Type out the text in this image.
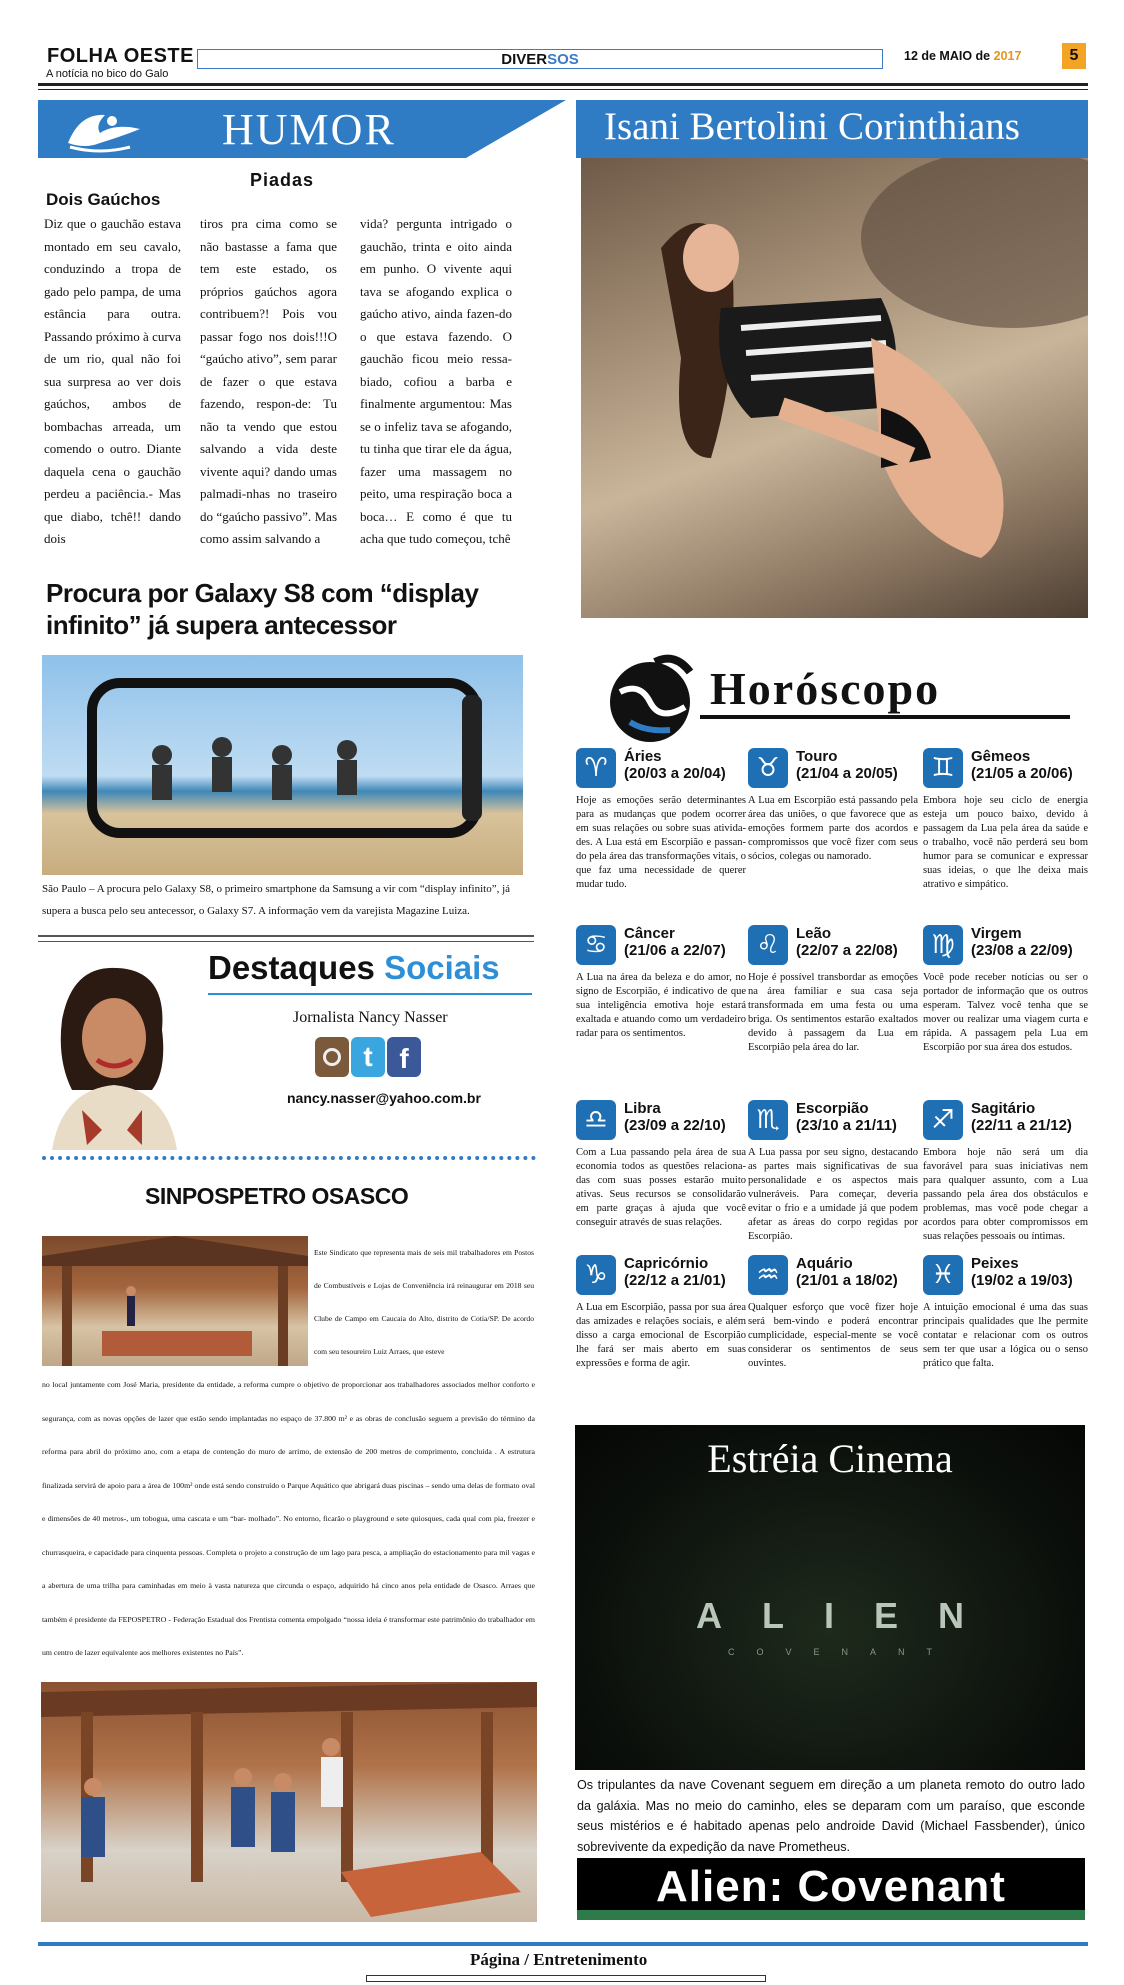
FOLHA OESTE
A notícia no bico do Galo
DIVER SOS	12 de MAIO de 2017	5
HUMOR	Isani Bertolini Corinthians
Piadas
Dois Gaúchos
Diz que o gauchão estava montado em seu cavalo, conduzindo a tropa de gado pelo pampa, de uma estância para outra. Passando próximo à curva de um rio, qual não foi sua surpresa ao ver dois gaúchos, ambos de bombachas arreada, um comendo o outro. Diante daquela cena o gauchão perdeu a paciência.- Mas que diabo, tchê!! dando dois
tiros pra cima como se não bastasse a fama que tem este estado, os próprios gaúchos agora contribuem?! Pois vou passar fogo nos dois!!!O “gaúcho ativo”, sem parar de fazer o que estava fazendo, respon-de: Tu não ta vendo que estou salvando a vida deste vivente aqui? dando umas palmadi-nhas no traseiro do “gaúcho passivo”. Mas como assim salvando a
vida? pergunta intrigado o gauchão, trinta e oito ainda em punho. O vivente aqui tava se afogando explica o gaúcho ativo, ainda fazen-do o que estava fazendo. O gauchão ficou meio ressa-biado, cofiou a barba e finalmente argumentou: Mas se o infeliz tava se afogando, tu tinha que tirar ele da água, fazer uma massagem no peito, uma respiração boca a boca… E como é que tu acha que tudo começou, tchê
Procura por Galaxy S8 com “display infinito” já supera antecessor
São Paulo – A procura pelo Galaxy S8, o primeiro smartphone da Samsung a vir com “display infinito”, já supera a busca pelo seu antecessor, o Galaxy S7. A informação vem da varejista Magazine Luiza.
Destaques Sociais
Jornalista Nancy Nasser
t f
nancy.nasser@yahoo.com.br
SINPOSPETRO OSASCO
Este Sindicato que representa mais de seis mil trabalhadores em Postos de Combustíveis e Lojas de Conveniência irá reinaugurar em 2018 seu Clube de Campo em Caucaia do Alto, distrito de Cotia/SP. De acordo com seu tesoureiro Luiz Arraes, que esteve
no local juntamente com José Maria, presidente da entidade, a reforma cumpre o objetivo de proporcionar aos trabalhadores associados melhor conforto e segurança, com as novas opções de lazer que estão sendo implantadas no espaço de 37.800 m² e as obras de conclusão seguem a previsão do término da reforma para abril do próximo ano, com a etapa de contenção do muro de arrimo, de extensão de 200 metros de comprimento, concluída . A estrutura finalizada servirá de apoio para a área de 100m² onde está sendo construído o Parque Aquático que abrigará duas piscinas – sendo uma delas de formato oval e dimensões de 40 metros-, um tobogua, uma cascata e um “bar- molhado”. No entorno, ficarão o playground e sete quiosques, cada qual com pia, freezer e churrasqueira, e capacidade para cinquenta pessoas. Completa o projeto a construção de um lago para pesca, a ampliação do estacionamento para mil vagas e a abertura de uma trilha para caminhadas em meio à vasta natureza que circunda o espaço, adquirido há cinco anos pela entidade de Osasco. Arraes que também é presidente da FEPOSPETRO - Federação Estadual dos Frentista comenta empolgado “nossa ideia é transformar este patrimônio do trabalhador em um centro de lazer equivalente aos melhores existentes no País”.
Horóscopo
♈	Áries
(20/03 a 20/04)
Hoje as emoções serão determinantes para as mudanças que podem ocorrer em suas relações ou sobre suas ativida-des. A Lua está em Escorpião e passan-do pela área das transformações vitais, o que faz uma necessidade de querer mudar tudo.
♉	Touro
(21/04 a 20/05)
A Lua em Escorpião está passando pela área das uniões, o que favorece que as emoções formem parte dos acordos e compromissos que você fizer com seus sócios, colegas ou namorado.
♊	Gêmeos
(21/05 a 20/06)
Embora hoje seu ciclo de energia esteja um pouco baixo, devido à passagem da Lua pela área da saúde e o trabalho, você não perderá seu bom humor para se comunicar e expressar suas ideias, o que lhe deixa mais atrativo e simpático.
♋	Câncer
(21/06 a 22/07)
A Lua na área da beleza e do amor, no signo de Escorpião, é indicativo de que sua inteligência emotiva hoje estará exaltada e atuando como um verdadeiro radar para os sentimentos.
♌	Leão
(22/07 a 22/08)
Hoje é possível transbordar as emoções na área familiar e sua casa seja transformada em uma festa ou uma briga. Os sentimentos estarão exaltados devido à passagem da Lua em Escorpião pela área do lar.
♍	Virgem
(23/08 a 22/09)
Você pode receber notícias ou ser o portador de informação que os outros esperam. Talvez você tenha que se mover ou realizar uma viagem curta e rápida. A passagem pela Lua em Escorpião por sua área dos estudos.
♎	Libra
(23/09 a 22/10)
Com a Lua passando pela área de sua economia todos as questões relaciona-das com suas posses estarão muito ativas. Seus recursos se consolidarão em parte graças à ajuda que você conseguir através de suas relações.
♏	Escorpião
(23/10 a 21/11)
A Lua passa por seu signo, destacando as partes mais significativas de sua personalidade e os aspectos mais vulneráveis. Para começar, deveria evitar o frio e a umidade já que podem afetar as áreas do corpo regidas por Escorpião.
♐	Sagitário
(22/11 a 21/12)
Embora hoje não será um dia favorável para suas iniciativas nem para qualquer assunto, com a Lua passando pela área dos obstáculos e problemas, mas você pode chegar a acordos para obter compromissos em suas relações pessoais ou íntimas.
♑	Capricórnio
(22/12 a 21/01)
A Lua em Escorpião, passa por sua área das amizades e relações sociais, e além disso a carga emocional de Escorpião lhe fará ser mais aberto em suas expressões e forma de agir.
♒	Aquário
(21/01 a 18/02)
Qualquer esforço que você fizer hoje será bem-vindo e poderá encontrar cumplicidade, especial-mente se você considerar os sentimentos de seus ouvintes.
♓	Peixes
(19/02 a 19/03)
A intuição emocional é uma das suas principais qualidades que lhe permite contatar e relacionar com os outros sem ter que usar a lógica ou o senso prático que falta.
Estréia Cinema
ALIEN
COVENANT
Os tripulantes da nave Covenant seguem em direção a um planeta remoto do outro lado da galáxia. Mas no meio do caminho, eles se deparam com um paraíso, que esconde seus mistérios e é habitado apenas pelo androide David (Michael Fassbender), único sobrevivente da expedição da nave Prometheus.
Alien: Covenant
Página / Entretenimento
